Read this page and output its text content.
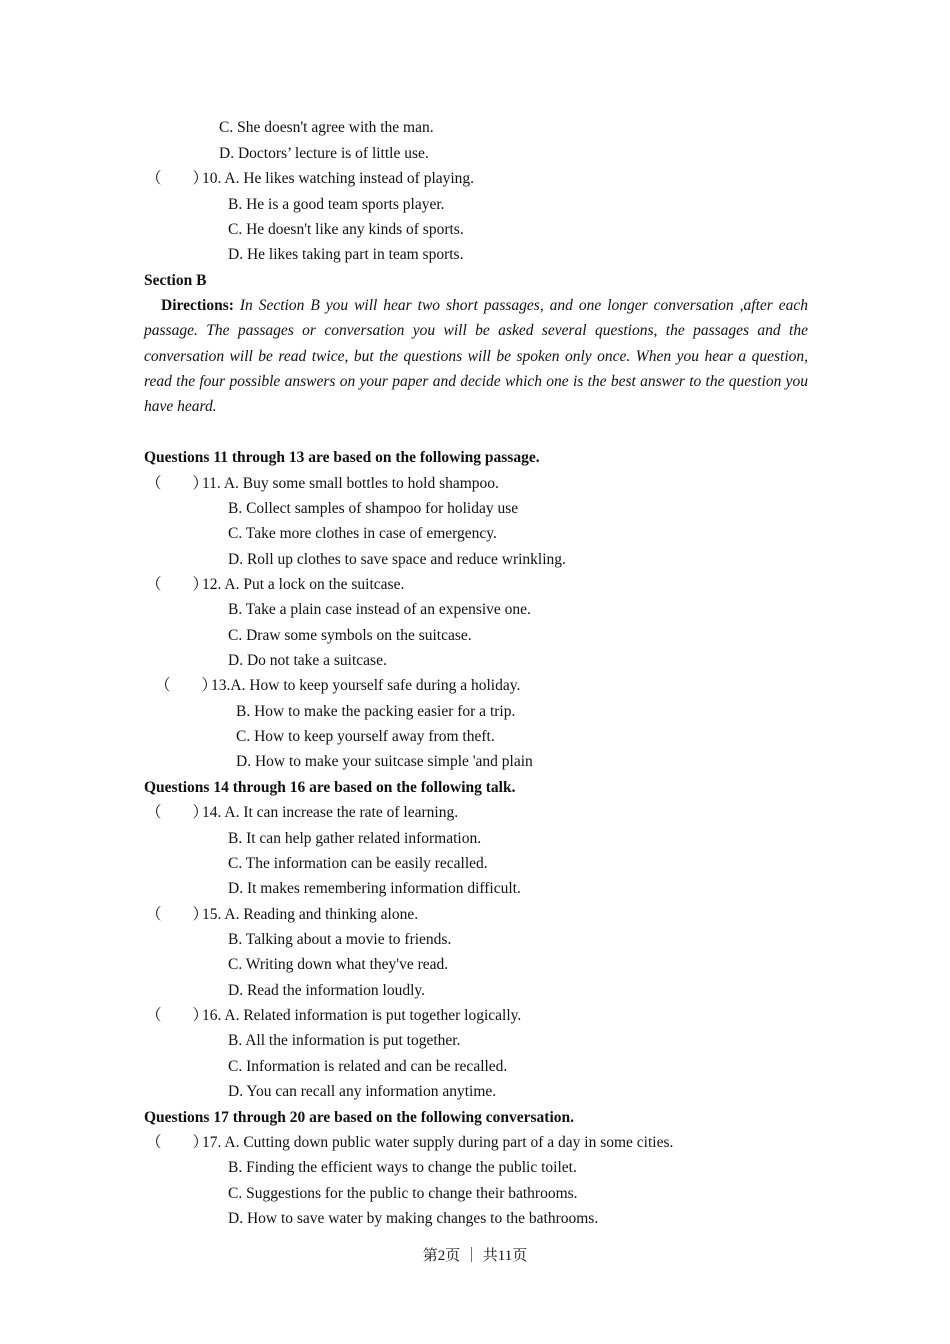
C. She doesn't agree with the man.
D. Doctors’ lecture is of little use.
（　　）
10. A. He likes watching instead of playing.
B. He is a good team sports player.
C. He doesn't like any kinds of sports.
D. He likes taking part in team sports.
Section B
Directions: In Section B you will hear two short passages, and one longer conversation ,after each passage. The passages or conversation you will be asked several questions, the passages and the conversation will be read twice, but the questions will be spoken only once. When you hear a question, read the four possible answers on your paper and decide which one is the best answer to the question you have heard.
Questions 11 through 13 are based on the following passage.
（　　）
11. A. Buy some small bottles to hold shampoo.
B. Collect samples of shampoo for holiday use
C. Take more clothes in case of emergency.
D. Roll up clothes to save space and reduce wrinkling.
（　　）
12. A. Put a lock on the suitcase.
B. Take a plain case instead of an expensive one.
C. Draw some symbols on the suitcase.
D. Do not take a suitcase.
（　　）
13.A. How to keep yourself safe during a holiday.
B. How to make the packing easier for a trip.
C. How to keep yourself away from theft.
D. How to make your suitcase simple 'and plain
Questions 14 through 16 are based on the following talk.
（　　）
14. A. It can increase the rate of learning.
B. It can help gather related information.
C. The information can be easily recalled.
D. It makes remembering information difficult.
（　　）
15. A. Reading and thinking alone.
B. Talking about a movie to friends.
C. Writing down what they've read.
D. Read the information loudly.
（　　）
16. A. Related information is put together logically.
B. All the information is put together.
C. Information is related and can be recalled.
D. You can recall any information anytime.
Questions 17 through 20 are based on the following conversation.
（　　）
17. A. Cutting down public water supply during part of a day in some cities.
B. Finding the efficient ways to change the public toilet.
C. Suggestions for the public to change their bathrooms.
D. How to save water by making changes to the bathrooms.
第2页 ｜ 共11页
